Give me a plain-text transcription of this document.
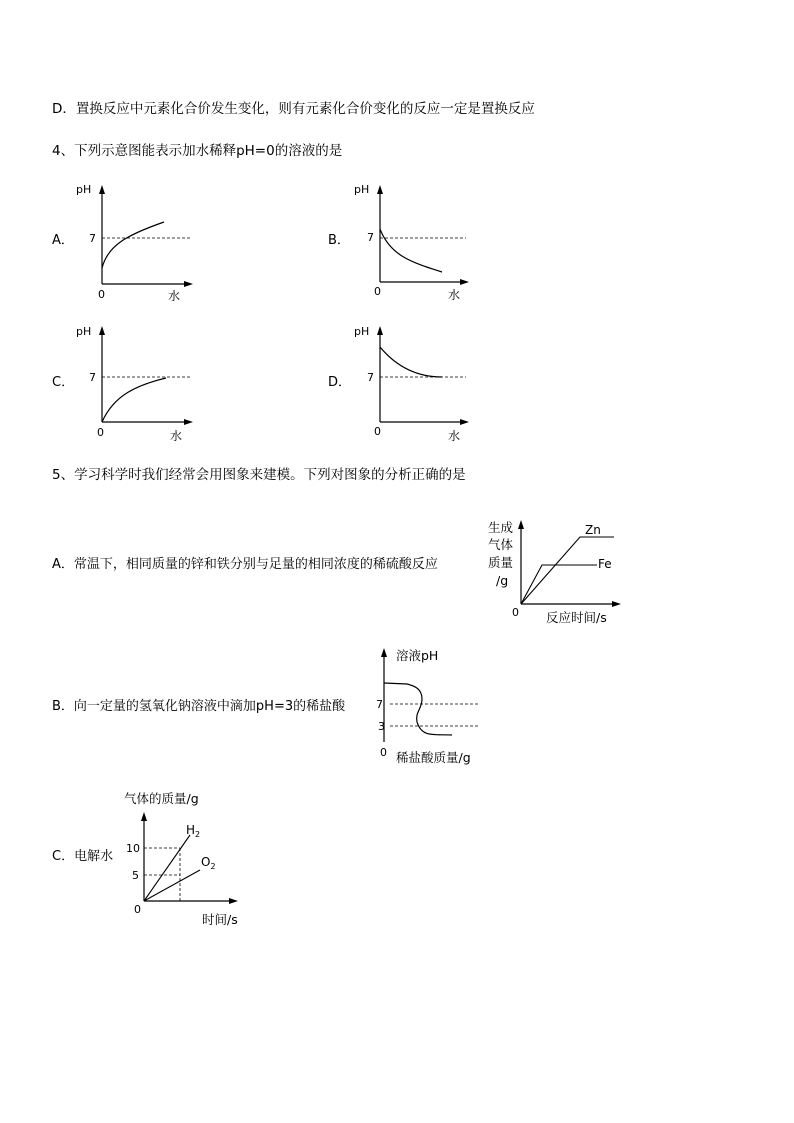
D．置换反应中元素化合价发生变化，则有元素化合价变化的反应一定是置换反应
4、下列示意图能表示加水稀释pH=0的溶液的是
A．	B．
C．	D．
pH
7
0	水
pH
7
0	水
pH
7
0	水
pH
7
0	水
5、学习科学时我们经常会用图象来建模。下列对图象的分析正确的是
A．常温下，相同质量的锌和铁分别与足量的相同浓度的稀硫酸反应
生成
气体
质量
/g
Zn
Fe
0 反应时间/s
B．向一定量的氢氧化钠溶液中滴加pH=3的稀盐酸
溶液pH
7
3
0 稀盐酸质量/g
C．电解水
气体的质量/g
$H_2$
$O_2$
10
5
0
时间/s
